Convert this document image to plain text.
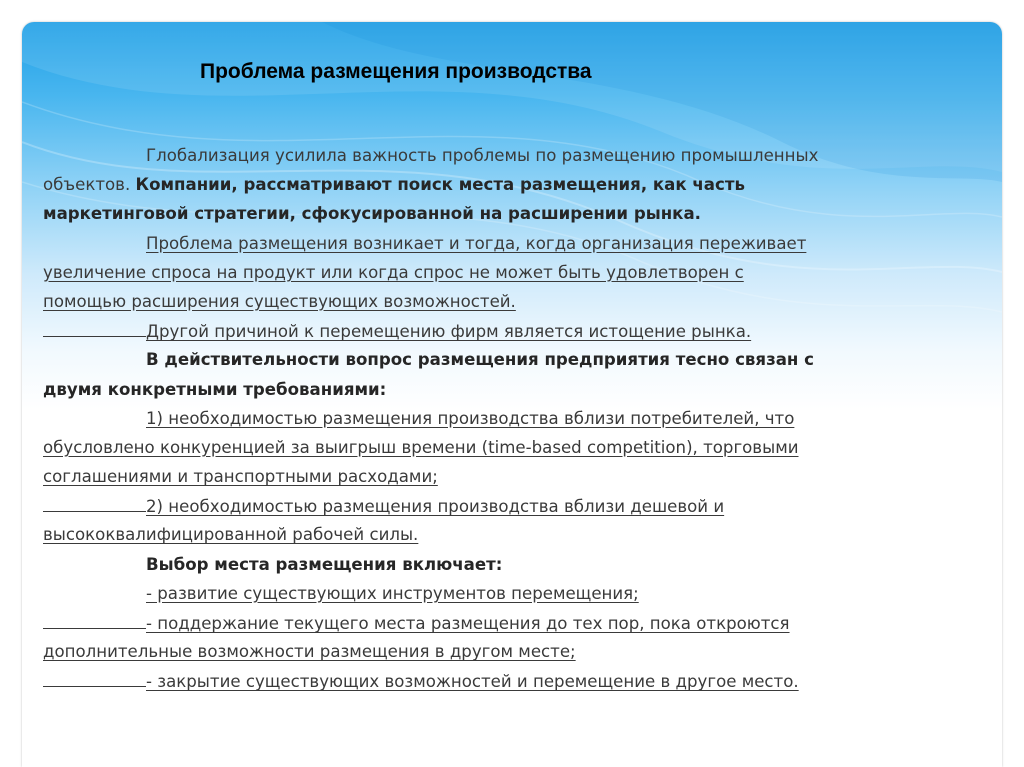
Проблема размещения производства
Глобализация усилила важность проблемы по размещению промышленных
объектов. Компании, рассматривают поиск места размещения, как часть
маркетинговой стратегии, сфокусированной на расширении рынка.
Проблема размещения возникает и тогда, когда организация переживает
увеличение спроса на продукт или когда спрос не может быть удовлетворен с
помощью расширения существующих возможностей.
Другой причиной к перемещению фирм является истощение рынка.
В действительности вопрос размещения предприятия тесно связан с
двумя конкретными требованиями:
1) необходимостью размещения производства вблизи потребителей, что
обусловлено конкуренцией за выигрыш времени (time-based competition), торговыми
соглашениями и транспортными расходами;
2) необходимостью размещения производства вблизи дешевой и
высококвалифицированной рабочей силы.
Выбор места размещения включает:
- развитие существующих инструментов перемещения;
- поддержание текущего места размещения до тех пор, пока откроются
дополнительные возможности размещения в другом месте;
- закрытие существующих возможностей и перемещение в другое место.
